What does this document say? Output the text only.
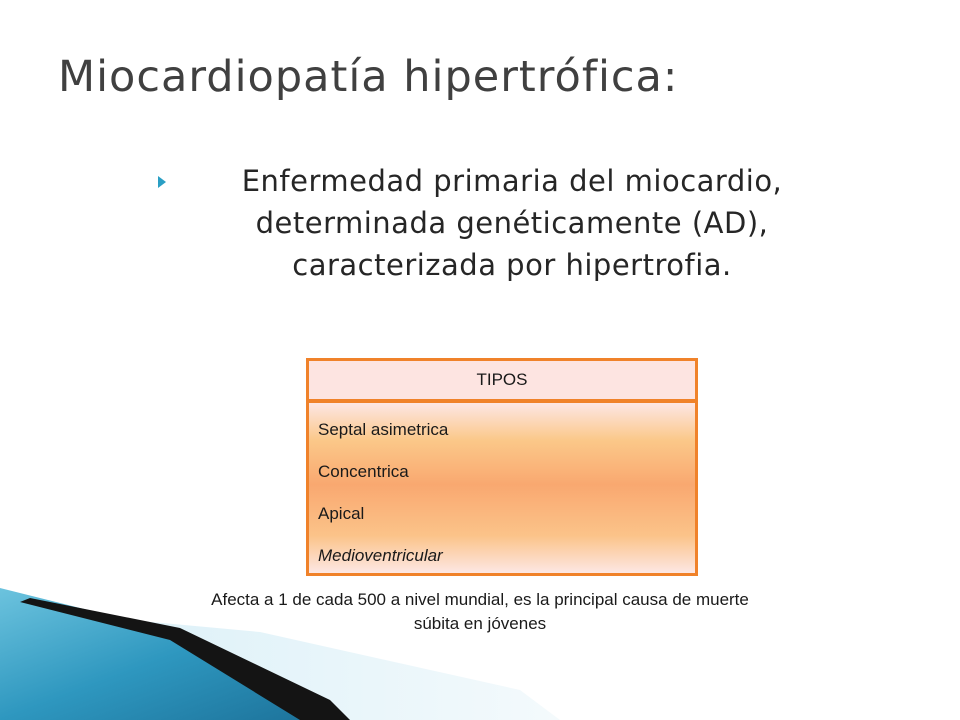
Miocardiopatía hipertrófica:
Enfermedad primaria del miocardio,
determinada genéticamente (AD),
caracterizada por hipertrofia.
TIPOS
Septal asimetrica
Concentrica
Apical
Medioventricular
Afecta a 1 de cada 500 a nivel mundial, es la principal causa de muerte
súbita en jóvenes
